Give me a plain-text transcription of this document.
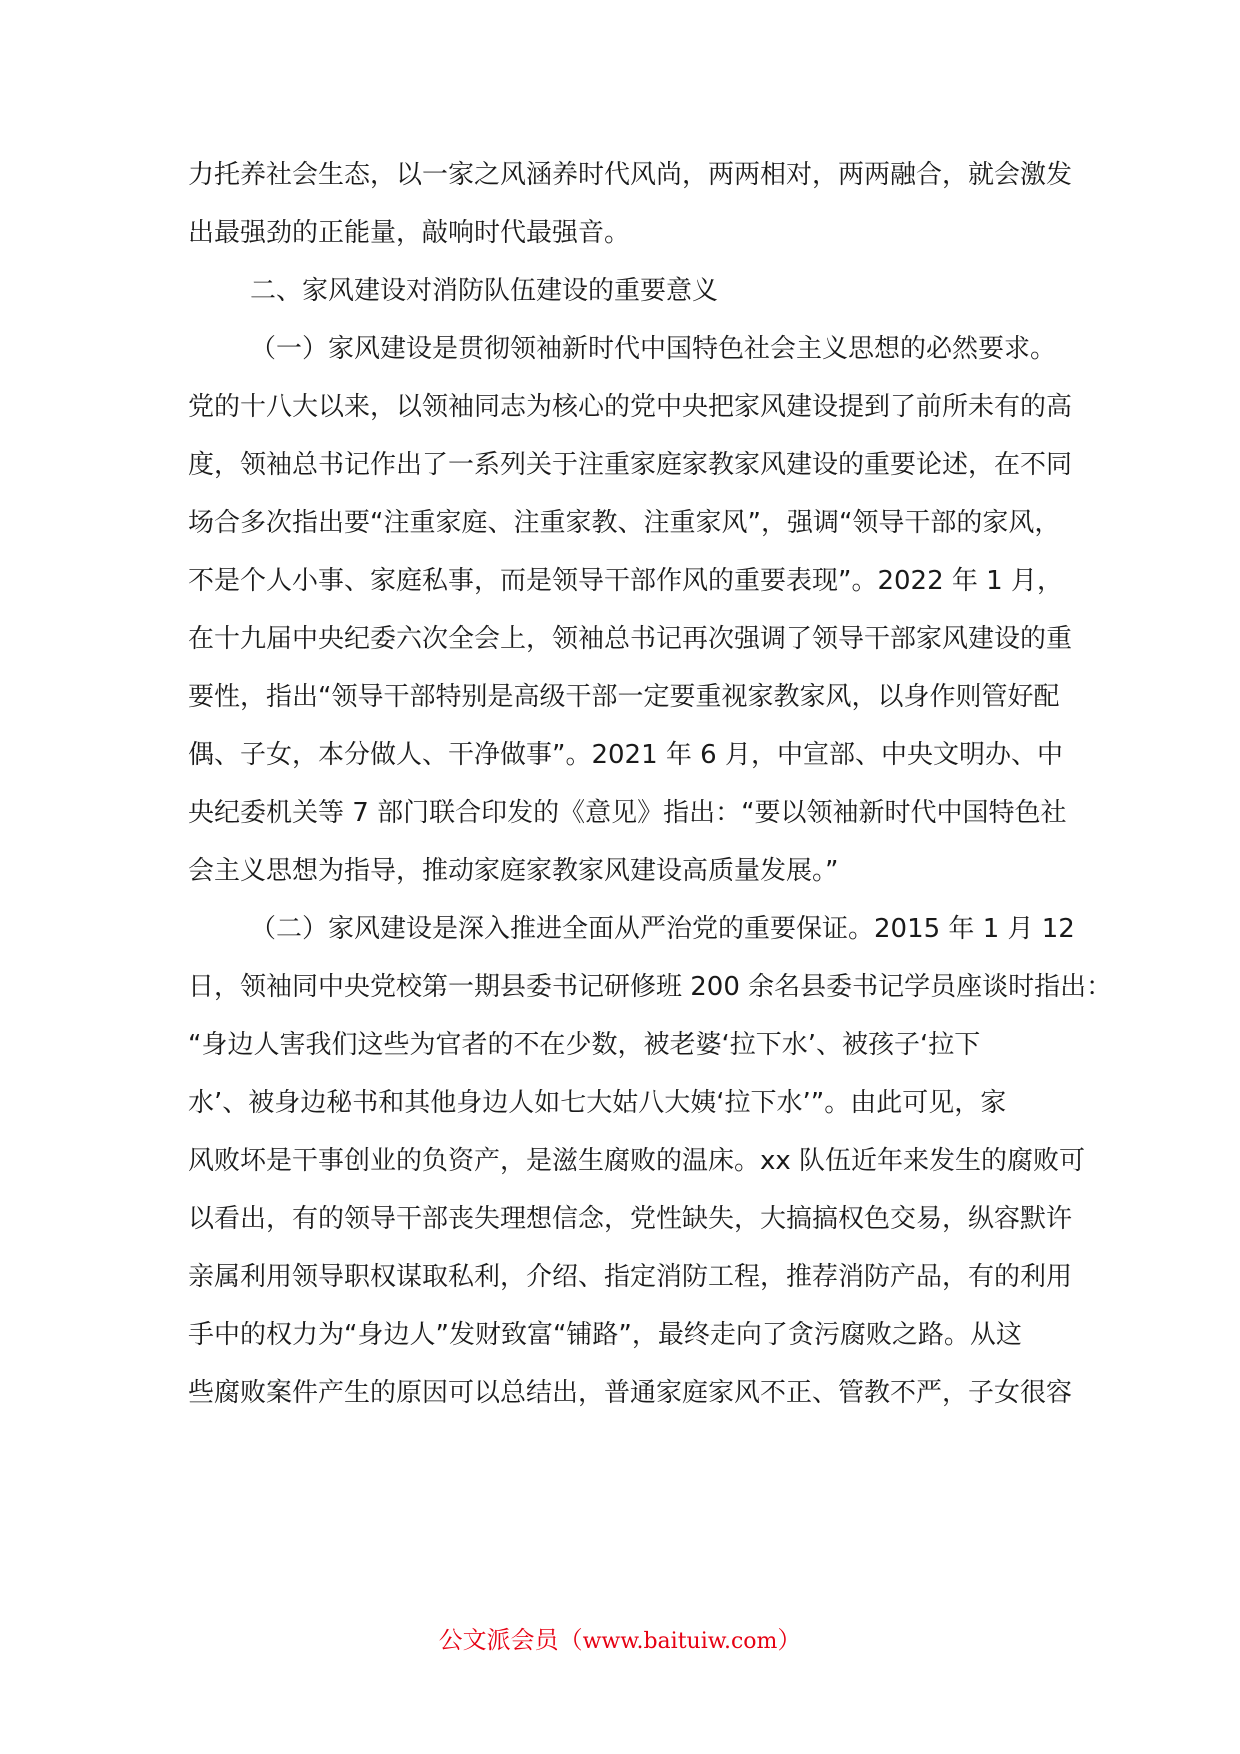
力托养社会生态，以一家之风涵养时代风尚，两两相对，两两融合，就会激发

出最强劲的正能量，敲响时代最强音。

二、家风建设对消防队伍建设的重要意义

（一）家风建设是贯彻领袖新时代中国特色社会主义思想的必然要求。

党的十八大以来，以领袖同志为核心的党中央把家风建设提到了前所未有的高

度，领袖总书记作出了一系列关于注重家庭家教家风建设的重要论述，在不同

场合多次指出要“注重家庭、注重家教、注重家风”，强调“领导干部的家风，

不是个人小事、家庭私事，而是领导干部作风的重要表现”。2022 年 1 月，

在十九届中央纪委六次全会上，领袖总书记再次强调了领导干部家风建设的重

要性，指出“领导干部特别是高级干部一定要重视家教家风，以身作则管好配

偶、子女，本分做人、干净做事”。2021 年 6 月，中宣部、中央文明办、中

央纪委机关等 7 部门联合印发的《意见》指出：“要以领袖新时代中国特色社

会主义思想为指导，推动家庭家教家风建设高质量发展。”

（二）家风建设是深入推进全面从严治党的重要保证。2015 年 1 月 12

日，领袖同中央党校第一期县委书记研修班 200 余名县委书记学员座谈时指出：

“身边人害我们这些为官者的不在少数，被老婆‘拉下水’、被孩子‘拉下

水’、被身边秘书和其他身边人如七大姑八大姨‘拉下水’”。由此可见，家

风败坏是干事创业的负资产，是滋生腐败的温床。xx 队伍近年来发生的腐败可

以看出，有的领导干部丧失理想信念，党性缺失，大搞搞权色交易，纵容默许

亲属利用领导职权谋取私利，介绍、指定消防工程，推荐消防产品，有的利用

手中的权力为“身边人”发财致富“铺路”，最终走向了贪污腐败之路。从这

些腐败案件产生的原因可以总结出，普通家庭家风不正、管教不严，子女很容

公文派会员（www.baituiw.com）
